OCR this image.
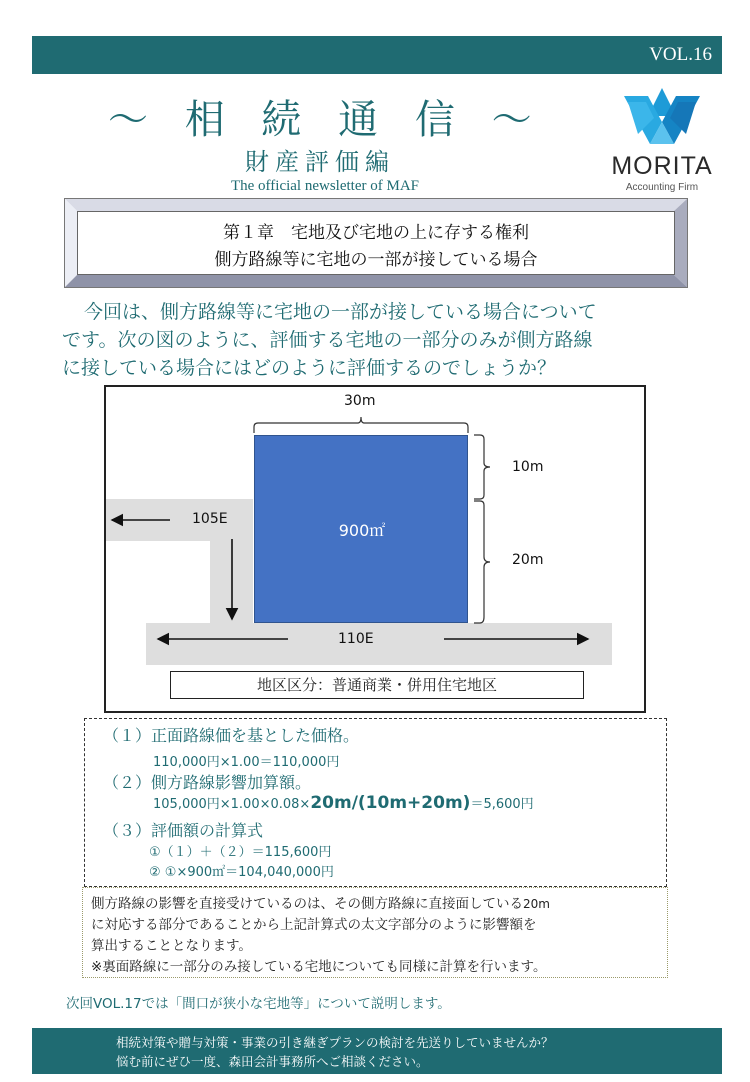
VOL.16
～ 相 続 通 信 ～
財産評価編
The official newsletter of MAF
MORITA
Accounting Firm
第１章　宅地及び宅地の上に存する権利
側方路線等に宅地の一部が接している場合
今回は、側方路線等に宅地の一部が接している場合について
です。次の図のように、評価する宅地の一部分のみが側方路線
に接している場合にはどのように評価するのでしょうか？
900㎡
30m
10m
20m
105E
110E
地区区分：普通商業・併用住宅地区
（１）正面路線価を基とした価格。
110,000円×1.00＝110,000円
（２）側方路線影響加算額。
105,000円×1.00×0.08×20m/(10m+20m)＝5,600円
（３）評価額の計算式
①（１）＋（２）＝115,600円
② ①×900㎡＝104,040,000円
側方路線の影響を直接受けているのは、その側方路線に直接面している20m
に対応する部分であることから上記計算式の太文字部分のように影響額を
算出することとなります。
※裏面路線に一部分のみ接している宅地についても同様に計算を行います。
次回VOL.17では「間口が狭小な宅地等」について説明します。
相続対策や贈与対策・事業の引き継ぎプランの検討を先送りしていませんか？
悩む前にぜひ一度、森田会計事務所へご相談ください。
